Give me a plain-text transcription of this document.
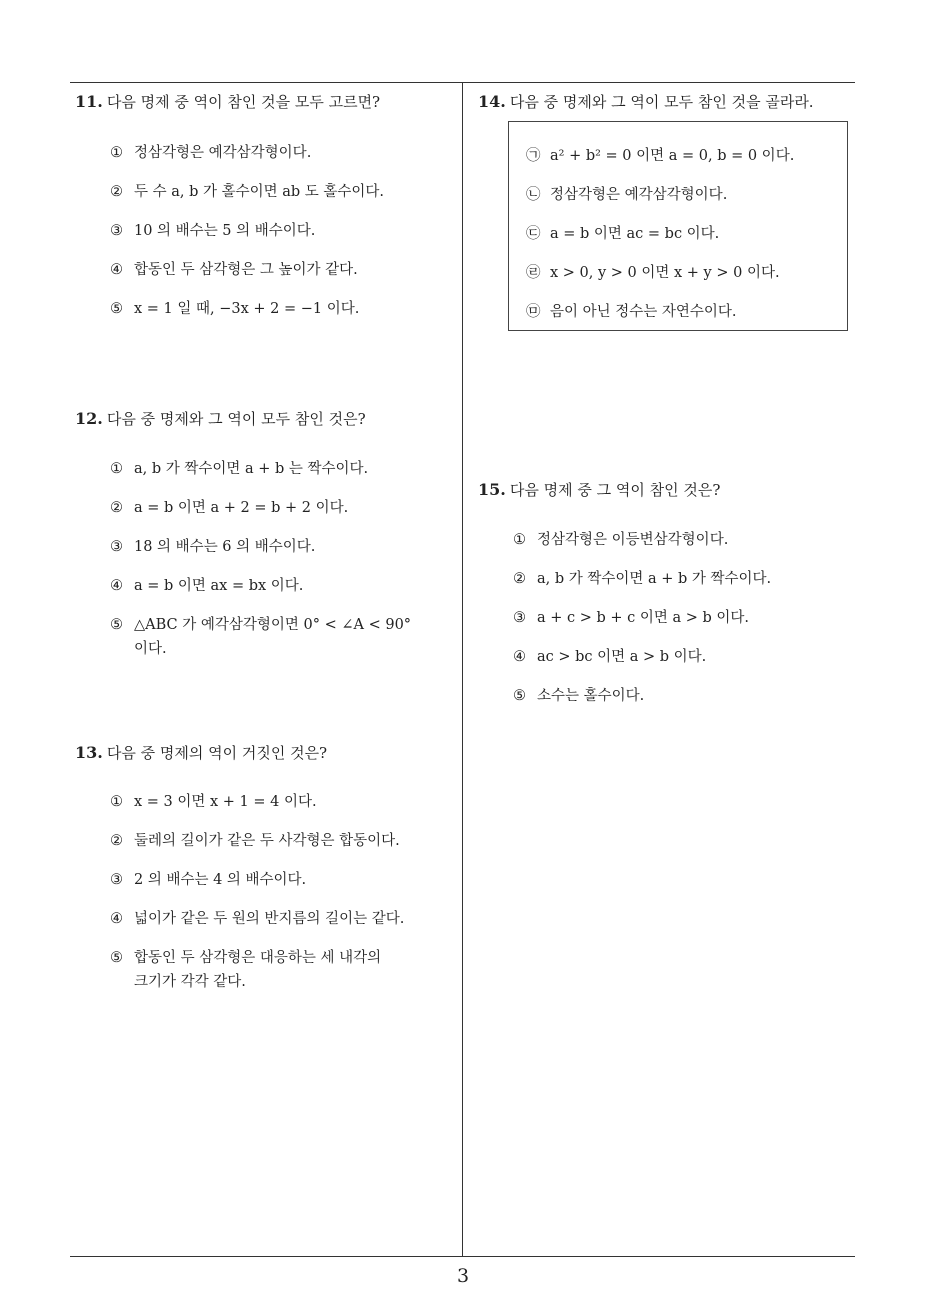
11. 다음 명제 중 역이 참인 것을 모두 고르면?
① 정삼각형은 예각삼각형이다.
② 두 수 a, b 가 홀수이면 ab 도 홀수이다.
③ 10 의 배수는 5 의 배수이다.
④ 합동인 두 삼각형은 그 높이가 같다.
⑤ x = 1 일 때, −3x + 2 = −1 이다.
12. 다음 중 명제와 그 역이 모두 참인 것은?
① a, b 가 짝수이면 a + b 는 짝수이다.
② a = b 이면 a + 2 = b + 2 이다.
③ 18 의 배수는 6 의 배수이다.
④ a = b 이면 ax = bx 이다.
⑤ △ABC 가 예각삼각형이면 0° < ∠A < 90°
이다.
13. 다음 중 명제의 역이 거짓인 것은?
① x = 3 이면 x + 1 = 4 이다.
② 둘레의 길이가 같은 두 사각형은 합동이다.
③ 2 의 배수는 4 의 배수이다.
④ 넓이가 같은 두 원의 반지름의 길이는 같다.
⑤ 합동인 두 삼각형은 대응하는 세 내각의
크기가 각각 같다.
14. 다음 중 명제와 그 역이 모두 참인 것을 골라라.
㉠ a² + b² = 0 이면 a = 0, b = 0 이다.
㉡ 정삼각형은 예각삼각형이다.
㉢ a = b 이면 ac = bc 이다.
㉣ x > 0, y > 0 이면 x + y > 0 이다.
㉤ 음이 아닌 정수는 자연수이다.
15. 다음 명제 중 그 역이 참인 것은?
① 정삼각형은 이등변삼각형이다.
② a, b 가 짝수이면 a + b 가 짝수이다.
③ a + c > b + c 이면 a > b 이다.
④ ac > bc 이면 a > b 이다.
⑤ 소수는 홀수이다.
3
